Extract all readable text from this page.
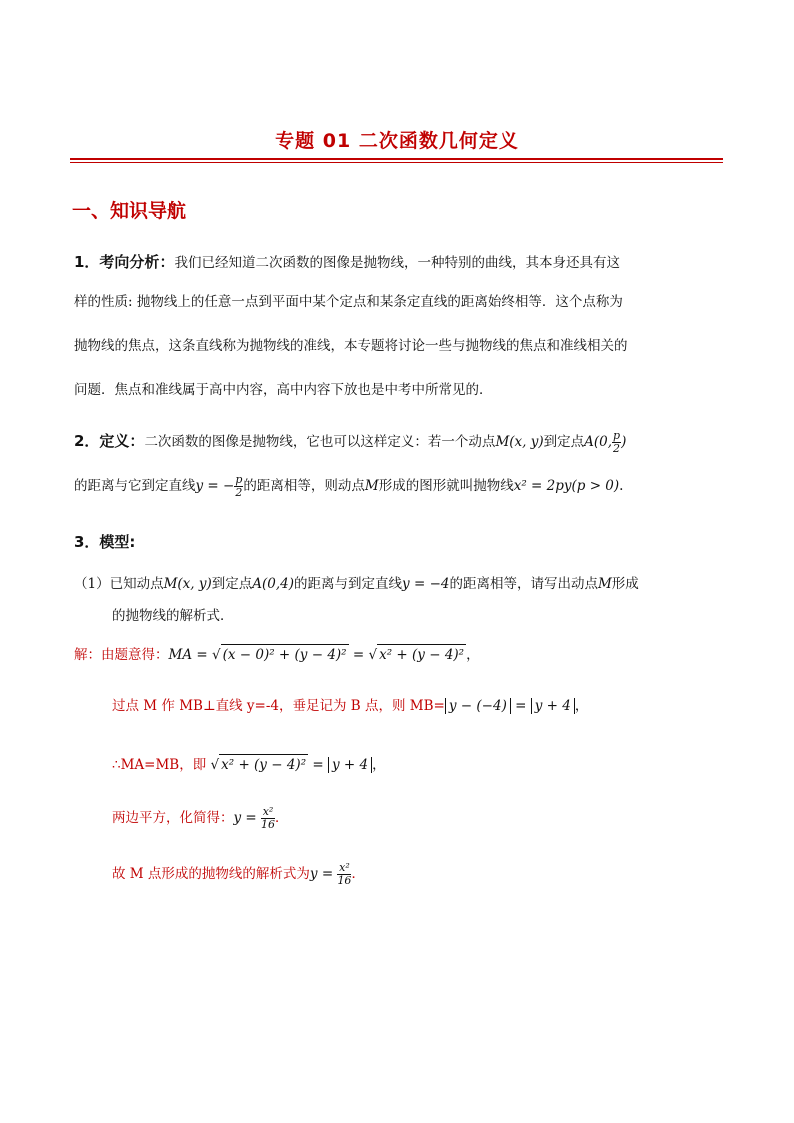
专题 01 二次函数几何定义
一、知识导航
1．考向分析：我们已经知道二次函数的图像是抛物线，一种特别的曲线，其本身还具有这
样的性质: 抛物线上的任意一点到平面中某个定点和某条定直线的距离始终相等．这个点称为
抛物线的焦点，这条直线称为抛物线的准线，本专题将讨论一些与抛物线的焦点和准线相关的
问题．焦点和准线属于高中内容，高中内容下放也是中考中所常见的．
2．定义：二次函数的图像是抛物线，它也可以这样定义：若一个动点M(x, y)到定点A(0, $\frac{p}{2}$ )
的距离与它到定直线y = − $\frac{p}{2}$ 的距离相等，则动点M形成的图形就叫抛物线x² = 2py(p > 0).
3．模型:
（1）已知动点M(x, y)到定点A(0,4)的距离与到定直线y = −4的距离相等，请写出动点M形成
的抛物线的解析式．
解：由题意得：MA = √ (x − 0)² + (y − 4)² = √ x² + (y − 4)² ，
过点 M 作 MB⊥直线 y=-4，垂足记为 B 点，则 MB= y − (−4) = y + 4 ，
∴MA=MB，即 √ x² + (y − 4)² = y + 4 ，
两边平方，化简得：$y = \frac{\text{x²}}{16}$ ．
故 M 点形成的抛物线的解析式为$y = \frac{\text{x²}}{16}$ ．
